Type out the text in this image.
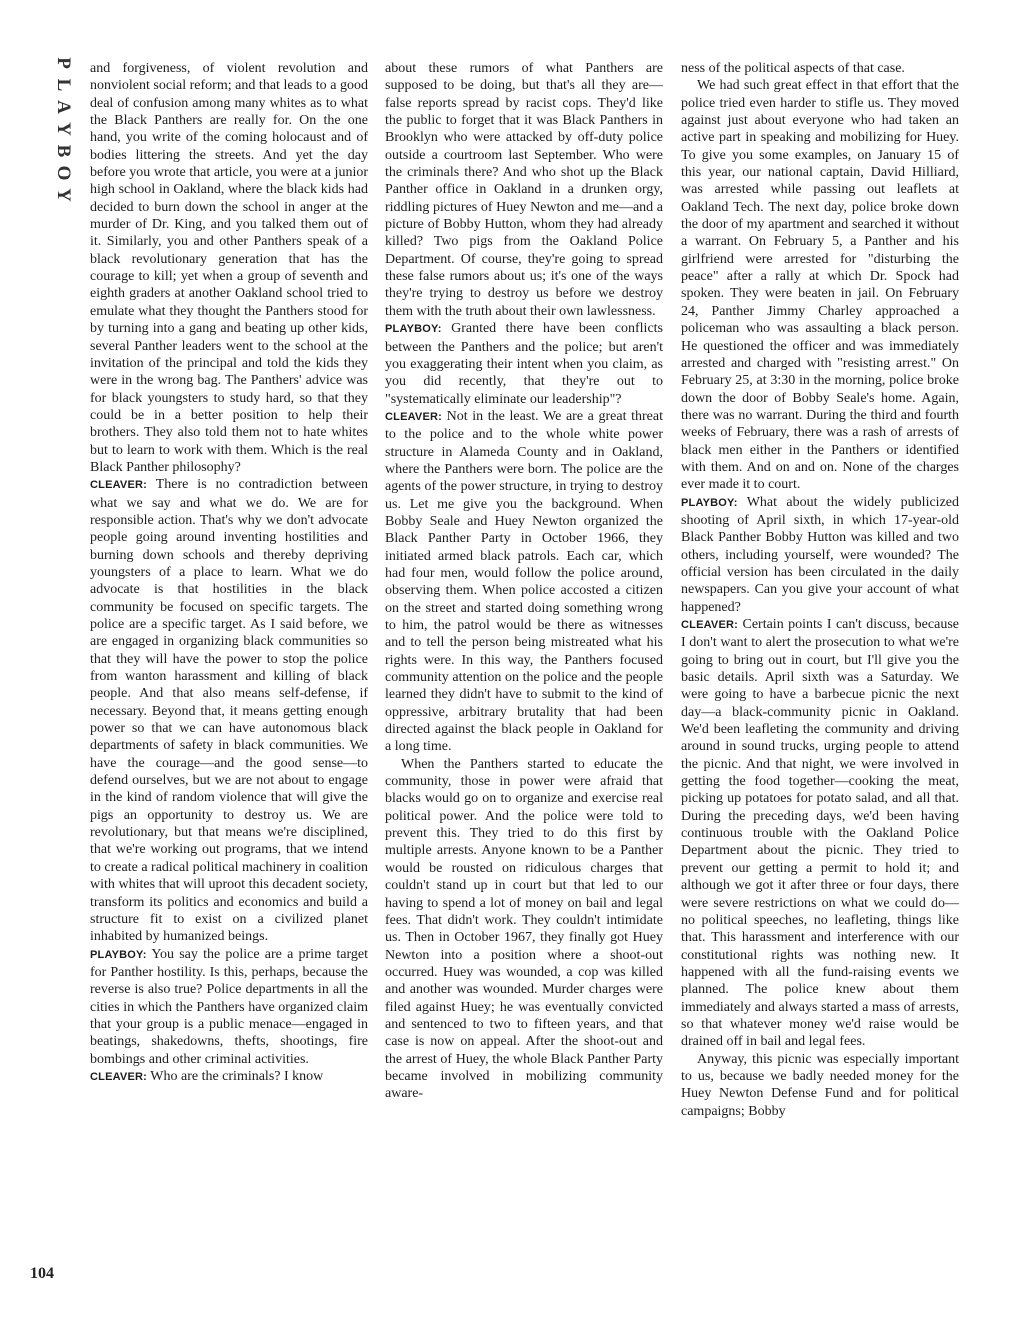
P
L
A
Y
B
O
Y
104

and forgiveness, of violent revolution and nonviolent social reform; and that leads to a good deal of confusion among many whites as to what the Black Panthers are really for. On the one hand, you write of the coming holocaust and of bodies littering the streets. And yet the day before you wrote that article, you were at a junior high school in Oakland, where the black kids had decided to burn down the school in anger at the murder of Dr. King, and you talked them out of it. Similarly, you and other Panthers speak of a black revolutionary generation that has the courage to kill; yet when a group of seventh and eighth graders at another Oakland school tried to emulate what they thought the Panthers stood for by turning into a gang and beating up other kids, several Panther leaders went to the school at the invitation of the principal and told the kids they were in the wrong bag. The Panthers' advice was for black youngsters to study hard, so that they could be in a better position to help their brothers. They also told them not to hate whites but to learn to work with them. Which is the real Black Panther philosophy?

CLEAVER: There is no contradiction between what we say and what we do. We are for responsible action. That's why we don't advocate people going around inventing hostilities and burning down schools and thereby depriving youngsters of a place to learn. What we do advocate is that hostilities in the black community be focused on specific targets. The police are a specific target. As I said before, we are engaged in organizing black communities so that they will have the power to stop the police from wanton harassment and killing of black people. And that also means self-defense, if necessary. Beyond that, it means getting enough power so that we can have autonomous black departments of safety in black communities. We have the courage—and the good sense—to defend ourselves, but we are not about to engage in the kind of random violence that will give the pigs an opportunity to destroy us. We are revolutionary, but that means we're disciplined, that we're working out programs, that we intend to create a radical political machinery in coalition with whites that will uproot this decadent society, transform its politics and economics and build a structure fit to exist on a civilized planet inhabited by humanized beings.

PLAYBOY: You say the police are a prime target for Panther hostility. Is this, perhaps, because the reverse is also true? Police departments in all the cities in which the Panthers have organized claim that your group is a public menace—engaged in beatings, shakedowns, thefts, shootings, fire bombings and other criminal activities.

CLEAVER: Who are the criminals? I know

about these rumors of what Panthers are supposed to be doing, but that's all they are—false reports spread by racist cops. They'd like the public to forget that it was Black Panthers in Brooklyn who were attacked by off-duty police outside a courtroom last September. Who were the criminals there? And who shot up the Black Panther office in Oakland in a drunken orgy, riddling pictures of Huey Newton and me—and a picture of Bobby Hutton, whom they had already killed? Two pigs from the Oakland Police Department. Of course, they're going to spread these false rumors about us; it's one of the ways they're trying to destroy us before we destroy them with the truth about their own lawlessness.

PLAYBOY: Granted there have been conflicts between the Panthers and the police; but aren't you exaggerating their intent when you claim, as you did recently, that they're out to "systematically eliminate our leadership"?

CLEAVER: Not in the least. We are a great threat to the police and to the whole white power structure in Alameda County and in Oakland, where the Panthers were born. The police are the agents of the power structure, in trying to destroy us. Let me give you the background. When Bobby Seale and Huey Newton organized the Black Panther Party in October 1966, they initiated armed black patrols. Each car, which had four men, would follow the police around, observing them. When police accosted a citizen on the street and started doing something wrong to him, the patrol would be there as witnesses and to tell the person being mistreated what his rights were. In this way, the Panthers focused community attention on the police and the people learned they didn't have to submit to the kind of oppressive, arbitrary brutality that had been directed against the black people in Oakland for a long time.

When the Panthers started to educate the community, those in power were afraid that blacks would go on to organize and exercise real political power. And the police were told to prevent this. They tried to do this first by multiple arrests. Anyone known to be a Panther would be rousted on ridiculous charges that couldn't stand up in court but that led to our having to spend a lot of money on bail and legal fees. That didn't work. They couldn't intimidate us. Then in October 1967, they finally got Huey Newton into a position where a shoot-out occurred. Huey was wounded, a cop was killed and another was wounded. Murder charges were filed against Huey; he was eventually convicted and sentenced to two to fifteen years, and that case is now on appeal. After the shoot-out and the arrest of Huey, the whole Black Panther Party became involved in mobilizing community aware-

ness of the political aspects of that case.

We had such great effect in that effort that the police tried even harder to stifle us. They moved against just about everyone who had taken an active part in speaking and mobilizing for Huey. To give you some examples, on January 15 of this year, our national captain, David Hilliard, was arrested while passing out leaflets at Oakland Tech. The next day, police broke down the door of my apartment and searched it without a warrant. On February 5, a Panther and his girlfriend were arrested for "disturbing the peace" after a rally at which Dr. Spock had spoken. They were beaten in jail. On February 24, Panther Jimmy Charley approached a policeman who was assaulting a black person. He questioned the officer and was immediately arrested and charged with "resisting arrest." On February 25, at 3:30 in the morning, police broke down the door of Bobby Seale's home. Again, there was no warrant. During the third and fourth weeks of February, there was a rash of arrests of black men either in the Panthers or identified with them. And on and on. None of the charges ever made it to court.

PLAYBOY: What about the widely publicized shooting of April sixth, in which 17-year-old Black Panther Bobby Hutton was killed and two others, including yourself, were wounded? The official version has been circulated in the daily newspapers. Can you give your account of what happened?

CLEAVER: Certain points I can't discuss, because I don't want to alert the prosecution to what we're going to bring out in court, but I'll give you the basic details. April sixth was a Saturday. We were going to have a barbecue picnic the next day—a black-community picnic in Oakland. We'd been leafleting the community and driving around in sound trucks, urging people to attend the picnic. And that night, we were involved in getting the food together—cooking the meat, picking up potatoes for potato salad, and all that. During the preceding days, we'd been having continuous trouble with the Oakland Police Department about the picnic. They tried to prevent our getting a permit to hold it; and although we got it after three or four days, there were severe restrictions on what we could do—no political speeches, no leafleting, things like that. This harassment and interference with our constitutional rights was nothing new. It happened with all the fund-raising events we planned. The police knew about them immediately and always started a mass of arrests, so that whatever money we'd raise would be drained off in bail and legal fees.

Anyway, this picnic was especially important to us, because we badly needed money for the Huey Newton Defense Fund and for political campaigns; Bobby
